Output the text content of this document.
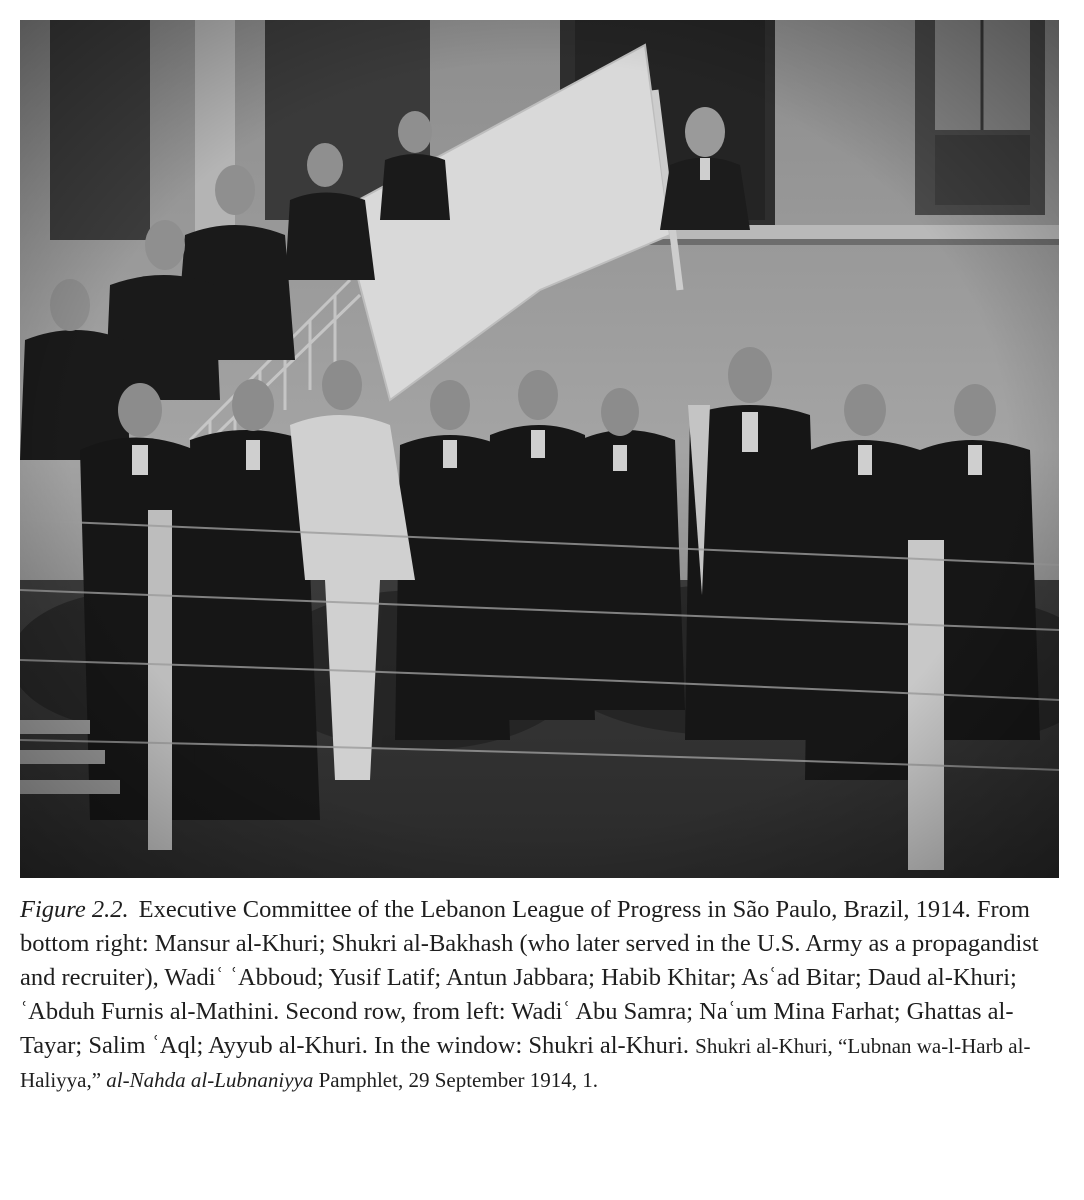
Figure 2.2. Executive Committee of the Lebanon League of Progress in São Paulo, Brazil, 1914. From bottom right: Mansur al-Khuri; Shukri al-Bakhash (who later served in the U.S. Army as a propagandist and recruiter), Wadiʿ ʿAbboud; Yusif Latif; Antun Jabbara; Habib Khitar; Asʿad Bitar; Daud al-Khuri; ʿAbduh Furnis al-Mathini. Second row, from left: Wadiʿ Abu Samra; Naʿum Mina Farhat; Ghattas al-Tayar; Salim ʿAql; Ayyub al-Khuri. In the window: Shukri al-Khuri. Shukri al-Khuri, “Lubnan wa-l-Harb al-Haliyya,” al-Nahda al-Lubnaniyya Pamphlet, 29 September 1914, 1.
